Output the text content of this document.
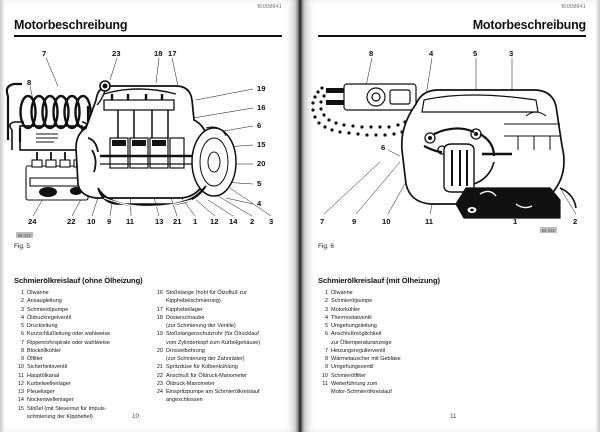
BI008841
Motorbeschreibung
7	23	18 17
19
16
6
15
20
5
4
8
24	22 10 9 11	13 21 1 12 14 2 3
BI-5/2
Fig. 5
Schmierölkreislauf (ohne Ölheizung)
1 Ölwanne
2 Ansaugleitung
3 Schmierölpumpe
4 Öldruckregelventil
5 Druckleitung
6 Kurzschlußleitung oder wahlweise
7 Rippenrohrspirale oder wahlweise
8 Blocköllkühler
9 Ölfilter
10 Sicherheitsventil
11 Hauptölkanal
12 Kurbelwellenlager
13 Pleuellager
14 Nockenwellenlager
15 Stößel (mit Steuernut für Impuls-
schmierung der Kipphebel)
16 Stoßstange (hohl für Ölzufluß zur
Kipphebelschmierung)
17 Kipphebellager
18 Dosierschraube
(zur Schmierung der Ventile)
19 Stoßstangenschutzrohr (für Ölrücklauf
vom Zylinderkopf zum Kurbelgehäuse)
20 Drosselbohrung
(zur Schmierung der Zahnräder)
21 Spritzdüse für Kolbenkühlung
22 Anschluß für Öldruck-Manometer
23 Öldruck-Manometer
24 Einspritzpumpe am Schmierölkreislauf
angeschlossen
10
BI008841
Motorbeschreibung
8	4	5	3
6
7	9	10	11	1	2
BI-6/2
Fig. 6
Schmierölkreislauf (mit Ölheizung)
1 Ölwanne
2 Schmierölpumpe
3 Motorkühler
4 Thermostatventil
5 Umgehungsleitung
6 Anschlußmöglichkeit
zur Öltemperaturanzeige
7 Heizungsregulierventil
8 Wärmetauscher mit Gebläse
9 Umgehungsventil
10 Schmierölfilter
11 Weiterführung zum
Motor-Schmierölkreislauf
11
